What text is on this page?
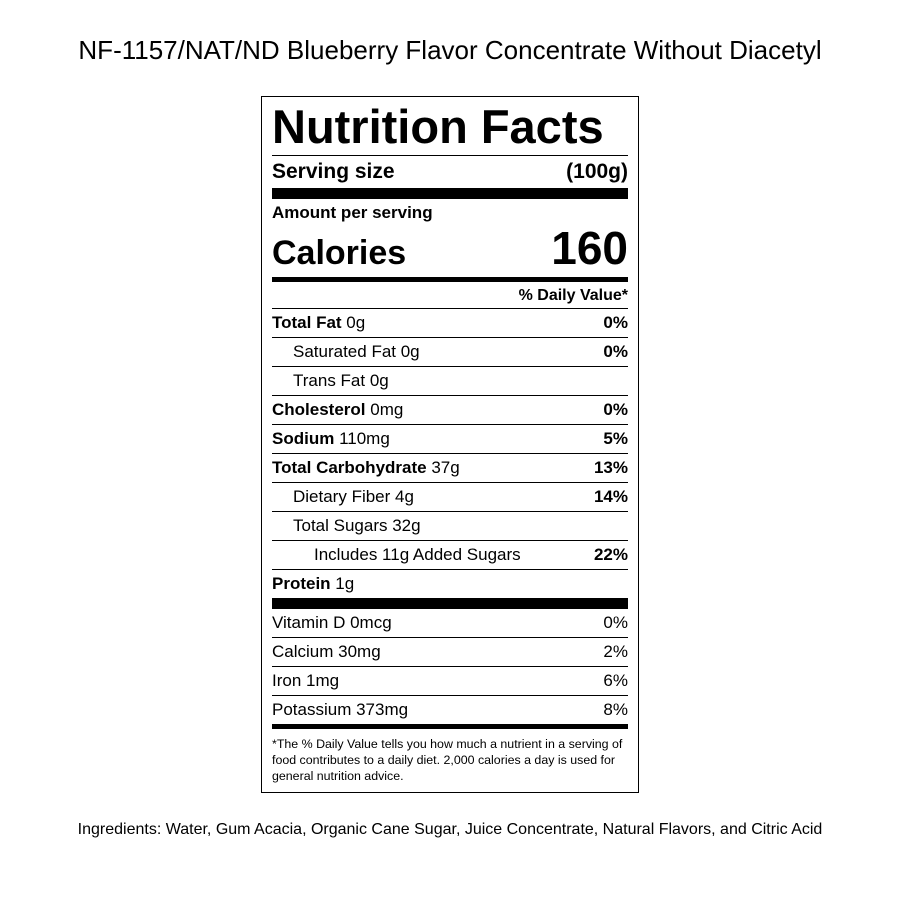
NF-1157/NAT/ND Blueberry Flavor Concentrate Without Diacetyl
Nutrition Facts
Serving size	(100g)
Amount per serving
Calories	160
% Daily Value*
Total Fat 0g	0%
Saturated Fat 0g	0%
Trans Fat 0g
Cholesterol 0mg	0%
Sodium 110mg	5%
Total Carbohydrate 37g	13%
Dietary Fiber 4g	14%
Total Sugars 32g
Includes 11g Added Sugars	22%
Protein 1g
Vitamin D 0mcg	0%
Calcium 30mg	2%
Iron 1mg	6%
Potassium 373mg	8%
*The % Daily Value tells you how much a nutrient in a serving of food contributes to a daily diet. 2,000 calories a day is used for general nutrition advice.
Ingredients: Water, Gum Acacia, Organic Cane Sugar, Juice Concentrate, Natural Flavors, and Citric Acid
